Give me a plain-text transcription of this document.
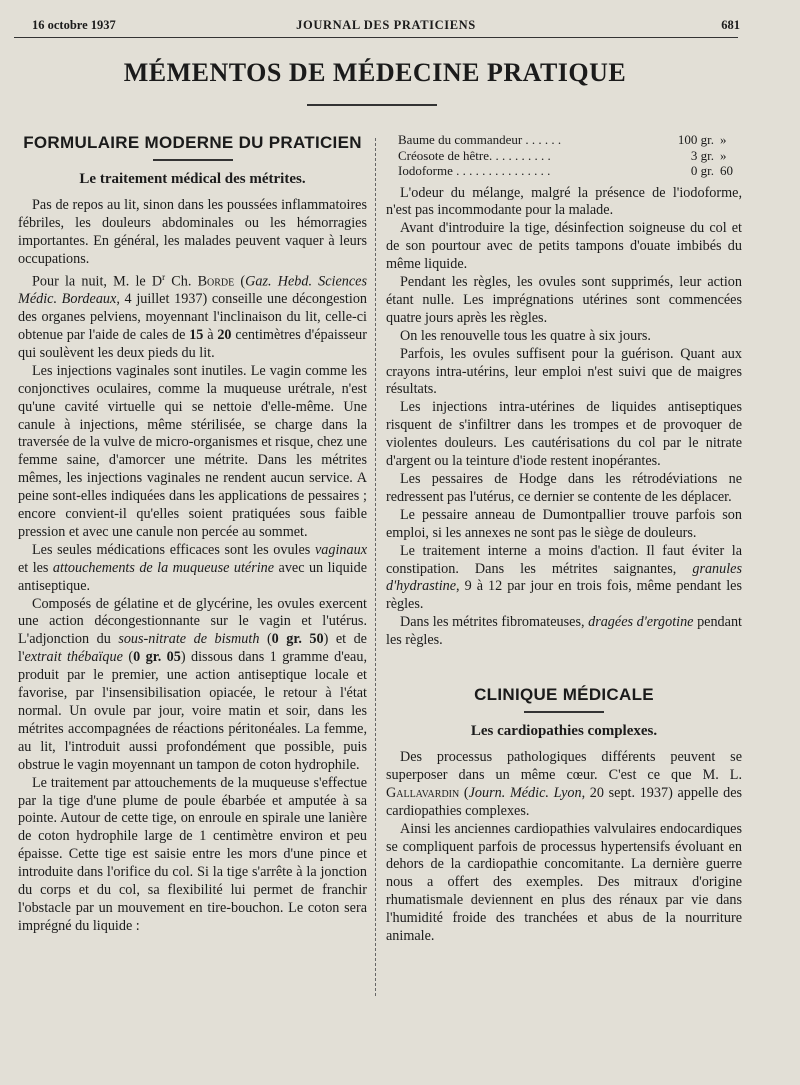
16 octobre 1937	JOURNAL DES PRATICIENS	681
MÉMENTOS DE MÉDECINE PRATIQUE
FORMULAIRE MODERNE DU PRATICIEN
Le traitement médical des métrites.

Pas de repos au lit, sinon dans les poussées inflammatoires fébriles, les douleurs abdominales ou les hémorragies importantes. En général, les malades peuvent vaquer à leurs occupations.

Pour la nuit, M. le $D^r$ Ch. Borde (Gaz. Hebd. Sciences Médic. Bordeaux, 4 juillet 1937) conseille une décongestion des organes pelviens, moyennant l'inclinaison du lit, celle-ci obtenue par l'aide de cales de 15 à 20 centimètres d'épaisseur qui soulèvent les deux pieds du lit.

Les injections vaginales sont inutiles. Le vagin comme les conjonctives oculaires, comme la muqueuse urétrale, n'est qu'une cavité virtuelle qui se nettoie d'elle-même. Une canule à injections, même stérilisée, se charge dans la traversée de la vulve de micro-organismes et risque, chez une femme saine, d'amorcer une métrite. Dans les métrites mêmes, les injections vaginales ne rendent aucun service. A peine sont-elles indiquées dans les applications de pessaires ; encore convient-il qu'elles soient pratiquées sous faible pression et avec une canule non percée au sommet.

Les seules médications efficaces sont les ovules vaginaux et les attouchements de la muqueuse utérine avec un liquide antiseptique.

Composés de gélatine et de glycérine, les ovules exercent une action décongestionnante sur le vagin et l'utérus. L'adjonction du sous-nitrate de bismuth (0 gr. 50) et de l'extrait thébaïque (0 gr. 05) dissous dans 1 gramme d'eau, produit par le premier, une action antiseptique locale et favorise, par l'insensibilisation opiacée, le retour à l'état normal. Un ovule par jour, voire matin et soir, dans les métrites accompagnées de réactions péritonéales. La femme, au lit, l'introduit aussi profondément que possible, puis obstrue le vagin moyennant un tampon de coton hydrophile.

Le traitement par attouchements de la muqueuse s'effectue par la tige d'une plume de poule ébarbée et amputée à sa pointe. Autour de cette tige, on enroule en spirale une lanière de coton hydrophile large de 1 centimètre environ et peu épaisse. Cette tige est saisie entre les mors d'une pince et introduite dans l'orifice du col. Si la tige s'arrête à la jonction du corps et du col, sa flexibilité lui permet de franchir l'obstacle par un mouvement en tire-bouchon. Le coton sera imprégné du liquide :

Baume du commandeur . . . . . .	100 gr.	»
Créosote de hêtre. . . . . . . . . .	3 gr.	»
Iodoforme . . . . . . . . . . . . . . .	0 gr.	60

L'odeur du mélange, malgré la présence de l'iodoforme, n'est pas incommodante pour la malade.

Avant d'introduire la tige, désinfection soigneuse du col et de son pourtour avec de petits tampons d'ouate imbibés du même liquide.

Pendant les règles, les ovules sont supprimés, leur action étant nulle. Les imprégnations utérines sont commencées quatre jours après les règles.

On les renouvelle tous les quatre à six jours.

Parfois, les ovules suffisent pour la guérison. Quant aux crayons intra-utérins, leur emploi n'est suivi que de maigres résultats.

Les injections intra-utérines de liquides antiseptiques risquent de s'infiltrer dans les trompes et de provoquer de violentes douleurs. Les cautérisations du col par le nitrate d'argent ou la teinture d'iode restent inopérantes.

Les pessaires de Hodge dans les rétrodéviations ne redressent pas l'utérus, ce dernier se contente de les déplacer.

Le pessaire anneau de Dumontpallier trouve parfois son emploi, si les annexes ne sont pas le siège de douleurs.

Le traitement interne a moins d'action. Il faut éviter la constipation. Dans les métrites saignantes, granules d'hydrastine, 9 à 12 par jour en trois fois, même pendant les règles.

Dans les métrites fibromateuses, dragées d'ergotine pendant les règles.

CLINIQUE MÉDICALE
Les cardiopathies complexes.

Des processus pathologiques différents peuvent se superposer dans un même cœur. C'est ce que M. L. Gallavardin (Journ. Médic. Lyon, 20 sept. 1937) appelle des cardiopathies complexes.

Ainsi les anciennes cardiopathies valvulaires endocardiques se compliquent parfois de processus hypertensifs évoluant en dehors de la cardiopathie concomitante. La dernière guerre nous a offert des exemples. Des mitraux d'origine rhumatismale deviennent en plus des rénaux par vie dans l'humidité froide des tranchées et abus de la nourriture animale.
